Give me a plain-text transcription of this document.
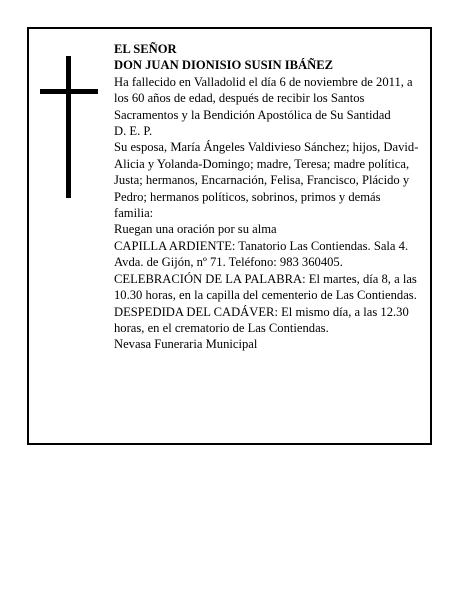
EL SEÑOR

DON JUAN DIONISIO SUSIN IBÁÑEZ

Ha fallecido en Valladolid el día 6 de noviembre de 2011, a los 60 años de edad, después de recibir los Santos Sacramentos y la Bendición Apostólica de Su Santidad

D. E. P.

Su esposa, María Ángeles Valdivieso Sánchez; hijos, David-Alicia y Yolanda-Domingo; madre, Teresa; madre política, Justa; hermanos, Encarnación, Felisa, Francisco, Plácido y Pedro; hermanos políticos, sobrinos, primos y demás familia:

Ruegan una oración por su alma

CAPILLA ARDIENTE: Tanatorio Las Contiendas. Sala 4. Avda. de Gijón, nº 71. Teléfono: 983 360405.

CELEBRACIÓN DE LA PALABRA: El martes, día 8, a las 10.30 horas, en la capilla del cementerio de Las Contiendas.

DESPEDIDA DEL CADÁVER: El mismo día, a las 12.30 horas, en el crematorio de Las Contiendas.

Nevasa Funeraria Municipal
